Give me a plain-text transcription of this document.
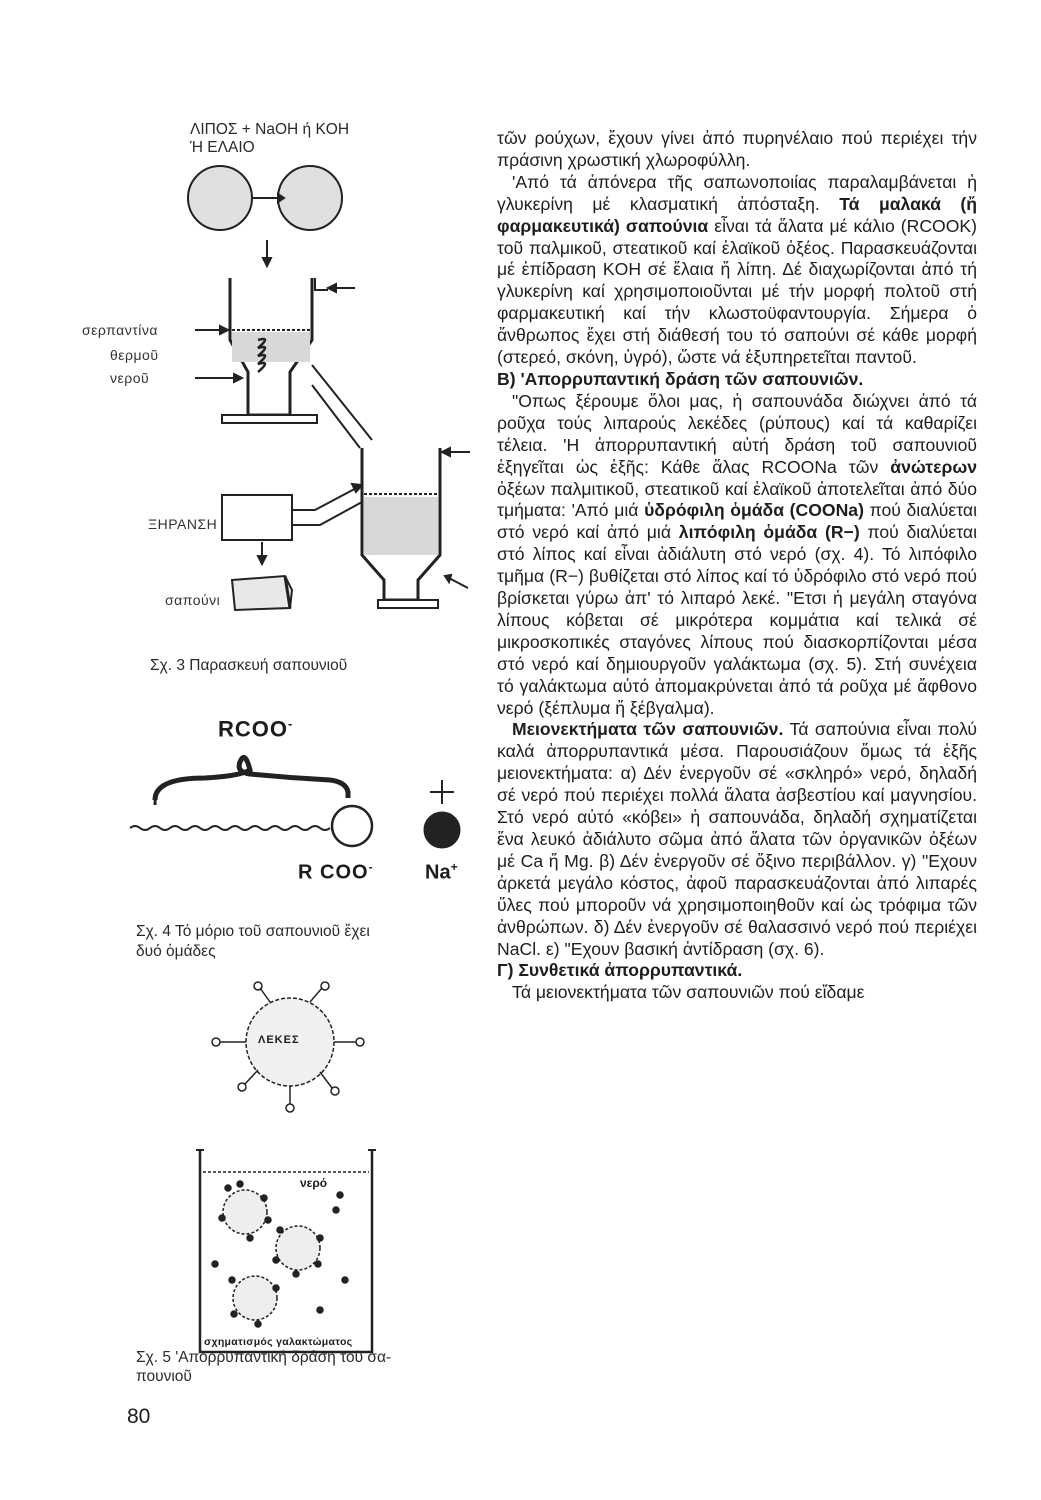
ΛΙΠΟΣ + NaOH ή KOH
Ή ΕΛΑΙΟ
σερπαντίνα
θερμοῦ
νεροῦ
ΞΗΡΑΝΣΗ
σαπούνι
Σχ. 3 Παρασκευή σαπουνιοῦ
RCOO-
R COO-	Na+
Σχ. 4 Τό μόριο τοῦ σαπουνιοῦ ἔχει
δυό ὁμάδες
ΛΕΚΕΣ
νερό
σχηματισμός γαλακτώματος
Σχ. 5 'Απορρυπαντική δράση τοῦ σα-
πουνιοῦ

τῶν ρούχων, ἔχουν γίνει ἀπό πυρηνέλαιο πού περιέχει τήν πράσινη χρωστική χλωροφύλλη.

'Από τά ἀπόνερα τῆς σαπωνοποιίας παραλαμβάνεται ἡ γλυκερίνη μέ κλασματική ἀπόσταξη. Τά μαλακά (ἤ φαρμακευτικά) σαπούνια εἶναι τά ἅλατα μέ κάλιο (RCOOK) τοῦ παλμικοῦ, στεατικοῦ καί ἐλαϊκοῦ ὀξέος. Παρασκευάζονται μέ ἐπίδραση KOH σέ ἔλαια ἤ λίπη. Δέ διαχωρίζονται ἀπό τή γλυκερίνη καί χρησιμοποιοῦνται μέ τήν μορφή πολτοῦ στή φαρμακευτική καί τήν κλωστοϋφαντουργία. Σήμερα ὁ ἄνθρωπος ἔχει στή διάθεσή του τό σαπούνι σέ κάθε μορφή (στερεό, σκόνη, ὑγρό), ὥστε νά ἐξυπηρετεῖται παντοῦ.

B) 'Απορρυπαντική δράση τῶν σαπουνιῶν.

"Οπως ξέρουμε ὅλοι μας, ἡ σαπουνάδα διώχνει ἀπό τά ροῦχα τούς λιπαρούς λεκέδες (ρύπους) καί τά καθαρίζει τέλεια. 'Η ἀπορρυπαντική αὐτή δράση τοῦ σαπουνιοῦ ἐξηγεῖται ὡς ἑξῆς: Κάθε ἅλας RCOONa τῶν ἀνώτερων ὀξέων παλμιτικοῦ, στεατικοῦ καί ἐλαϊκοῦ ἀποτελεῖται ἀπό δύο τμήματα: 'Από μιά ὑδρόφιλη ὁμάδα (COONa) πού διαλύεται στό νερό καί ἀπό μιά λιπόφιλη ὁμάδα (R−) πού διαλύεται στό λίπος καί εἶναι ἀδιάλυτη στό νερό (σχ. 4). Τό λιπόφιλο τμῆμα (R−) βυθίζεται στό λίπος καί τό ὑδρόφιλο στό νερό πού βρίσκεται γύρω ἀπ' τό λιπαρό λεκέ. "Ετσι ἡ μεγάλη σταγόνα λίπους κόβεται σέ μικρότερα κομμάτια καί τελικά σέ μικροσκοπικές σταγόνες λίπους πού διασκορπίζονται μέσα στό νερό καί δημιουργοῦν γαλάκτωμα (σχ. 5). Στή συνέχεια τό γαλάκτωμα αὐτό ἀπομακρύνεται ἀπό τά ροῦχα μέ ἄφθονο νερό (ξέπλυμα ἤ ξέβγαλμα).

Μειονεκτήματα τῶν σαπουνιῶν. Τά σαπούνια εἶναι πολύ καλά ἀπορρυπαντικά μέσα. Παρουσιάζουν ὅμως τά ἑξῆς μειονεκτήματα: α) Δέν ἐνεργοῦν σέ «σκληρό» νερό, δηλαδή σέ νερό πού περιέχει πολλά ἅλατα ἀσβεστίου καί μαγνησίου. Στό νερό αὐτό «κόβει» ἡ σαπουνάδα, δηλαδή σχηματίζεται ἕνα λευκό ἀδιάλυτο σῶμα ἀπό ἅλατα τῶν ὀργανικῶν ὀξέων μέ Ca ἤ Mg. β) Δέν ἐνεργοῦν σέ ὄξινο περιβάλλον. γ) "Εχουν ἀρκετά μεγάλο κόστος, ἀφοῦ παρασκευάζονται ἀπό λιπαρές ὕλες πού μποροῦν νά χρησιμοποιηθοῦν καί ὡς τρόφιμα τῶν ἀνθρώπων. δ) Δέν ἐνεργοῦν σέ θαλασσινό νερό πού περιέχει NaCl. ε) "Εχουν βασική ἀντίδραση (σχ. 6).

Γ) Συνθετικά ἀπορρυπαντικά.

Τά μειονεκτήματα τῶν σαπουνιῶν πού εἴδαμε

80
